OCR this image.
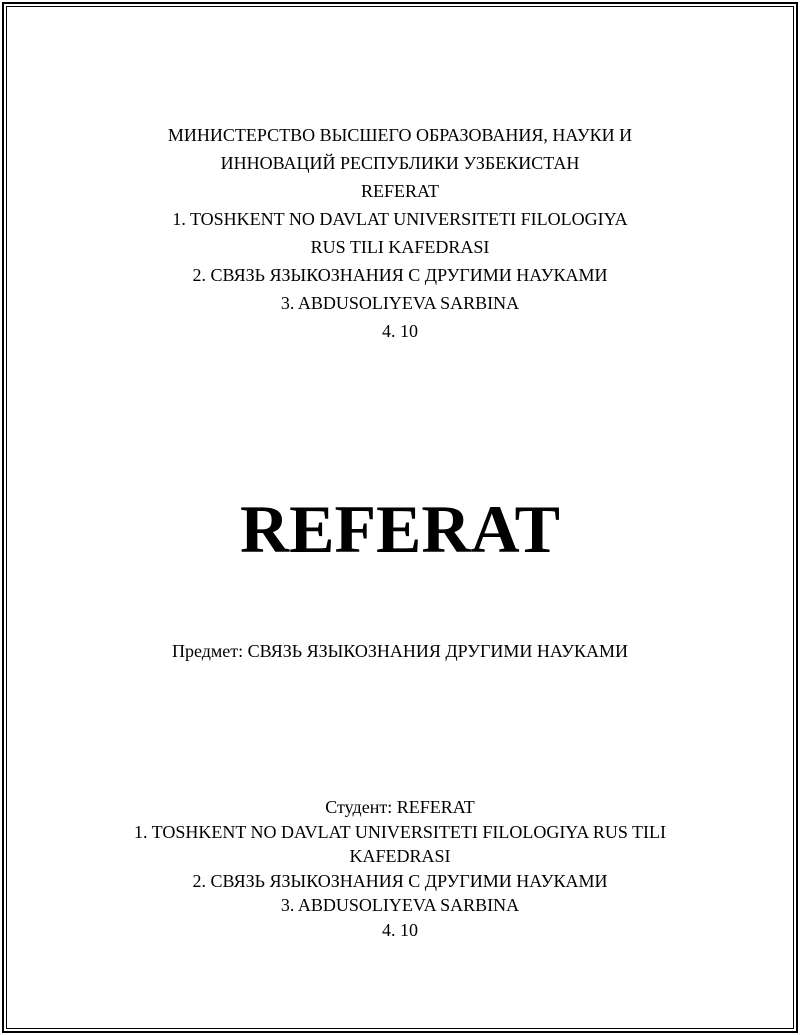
МИНИСТЕРСТВО ВЫСШЕГО ОБРАЗОВАНИЯ, НАУКИ И
ИННОВАЦИЙ РЕСПУБЛИКИ УЗБЕКИСТАН
REFERAT
1. TOSHKENT NO DAVLAT UNIVERSITETI FILOLOGIYA
RUS TILI KAFEDRASI
2. СВЯЗЬ ЯЗЫКОЗНАНИЯ С ДРУГИМИ НАУКАМИ
3. ABDUSOLIYEVA SARBINA
4. 10
REFERAT
Предмет: СВЯЗЬ ЯЗЫКОЗНАНИЯ ДРУГИМИ НАУКАМИ
Студент: REFERAT
1. TOSHKENT NO DAVLAT UNIVERSITETI FILOLOGIYA RUS TILI
KAFEDRASI
2. СВЯЗЬ ЯЗЫКОЗНАНИЯ С ДРУГИМИ НАУКАМИ
3. ABDUSOLIYEVA SARBINA
4. 10
